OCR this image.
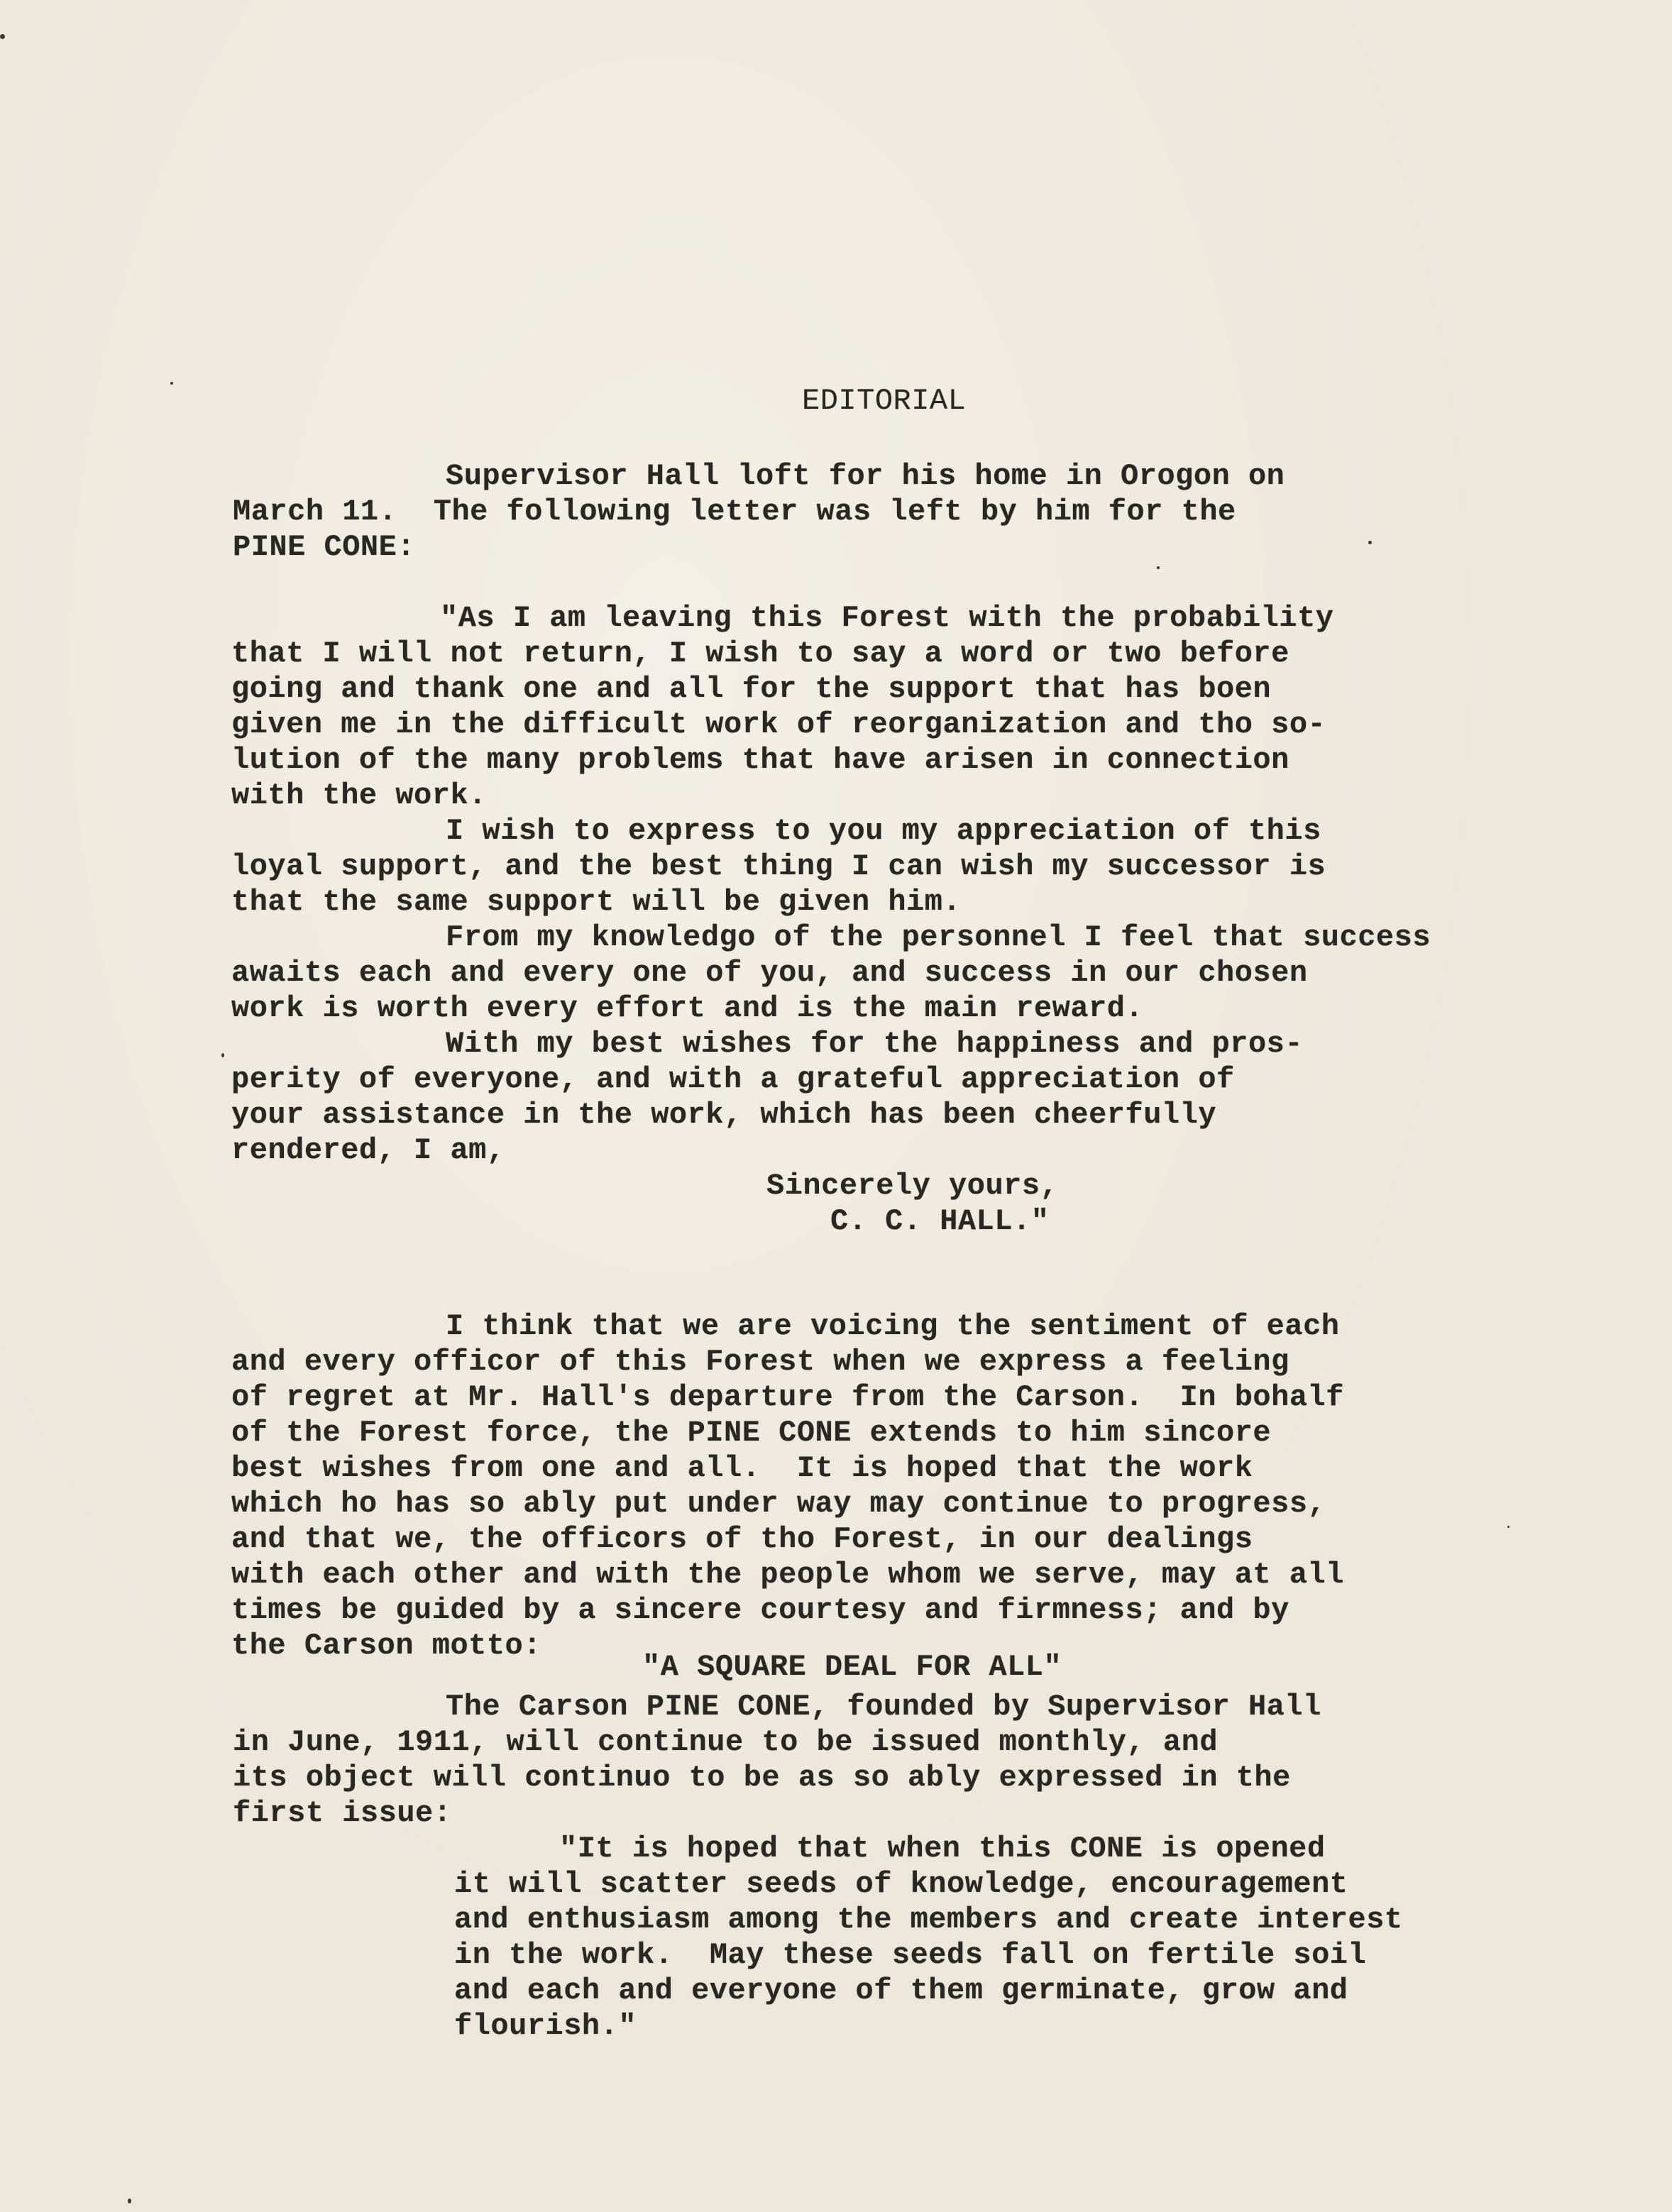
EDITORIAL
Supervisor Hall loft for his home in Orogon on
March 11.  The following letter was left by him for the
PINE CONE:
"As I am leaving this Forest with the probability
that I will not return, I wish to say a word or two before
going and thank one and all for the support that has boen
given me in the difficult work of reorganization and tho so-
lution of the many problems that have arisen in connection
with the work.
I wish to express to you my appreciation of this
loyal support, and the best thing I can wish my successor is
that the same support will be given him.
From my knowledgo of the personnel I feel that success
awaits each and every one of you, and success in our chosen
work is worth every effort and is the main reward.
With my best wishes for the happiness and pros-
perity of everyone, and with a grateful appreciation of
your assistance in the work, which has been cheerfully
rendered, I am,
Sincerely yours,
C. C. HALL."
I think that we are voicing the sentiment of each
and every officor of this Forest when we express a feeling
of regret at Mr. Hall's departure from the Carson.  In bohalf
of the Forest force, the PINE CONE extends to him sincore
best wishes from one and all.  It is hoped that the work
which ho has so ably put under way may continue to progress,
and that we, the officors of tho Forest, in our dealings
with each other and with the people whom we serve, may at all
times be guided by a sincere courtesy and firmness; and by
the Carson motto:
"A SQUARE DEAL FOR ALL"
The Carson PINE CONE, founded by Supervisor Hall
in June, 1911, will continue to be issued monthly, and
its object will continuo to be as so ably expressed in the
first issue:
"It is hoped that when this CONE is opened
it will scatter seeds of knowledge, encouragement
and enthusiasm among the members and create interest
in the work.  May these seeds fall on fertile soil
and each and everyone of them germinate, grow and
flourish."
